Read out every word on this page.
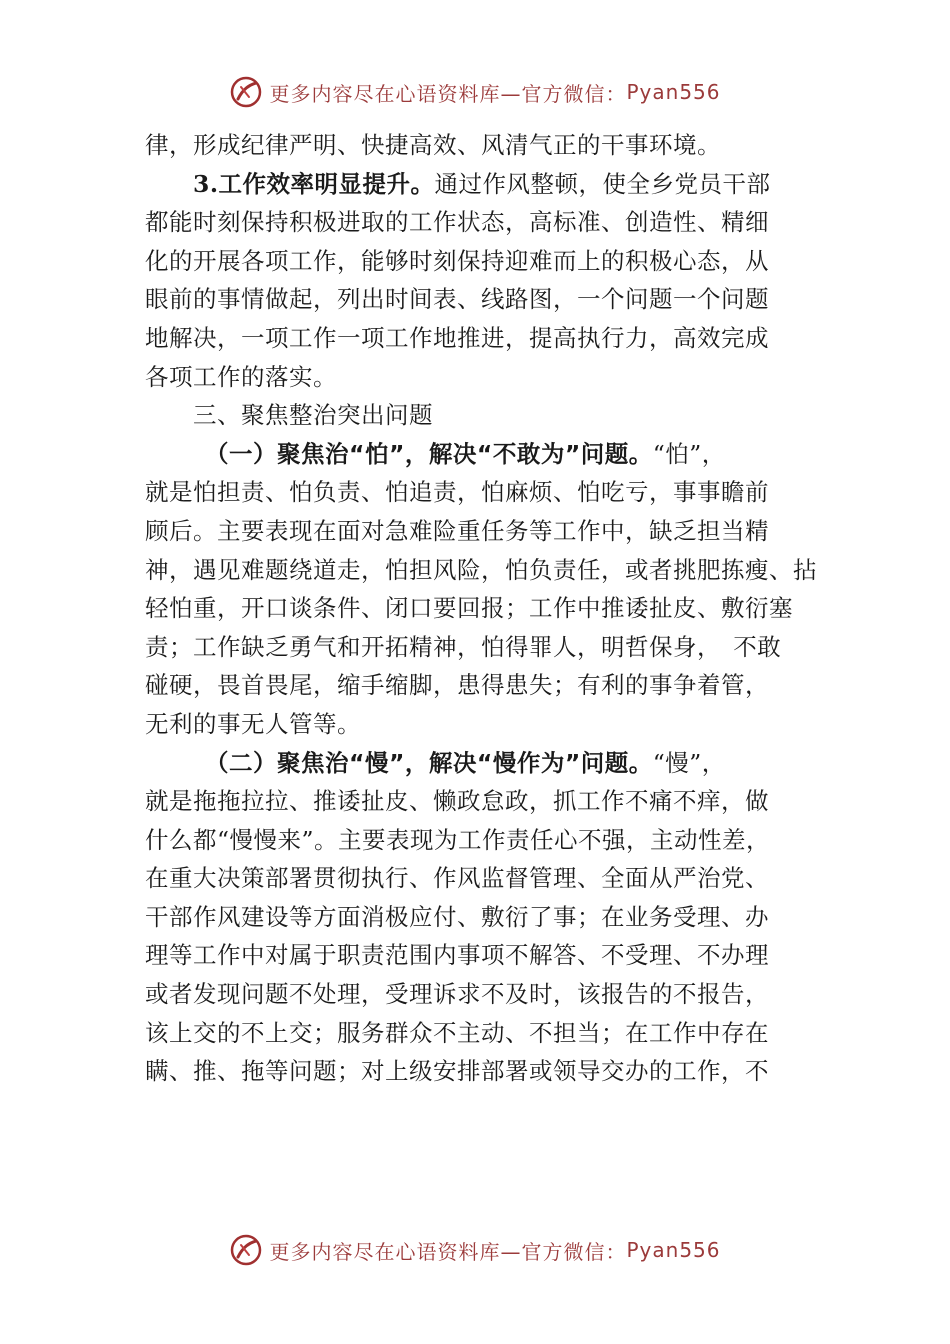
更多内容尽在心语资料库—官方微信： Pyan556

律，形成纪律严明、快捷高效、风清气正的干事环境。

3.工作效率明显提升。通过作风整顿，使全乡党员干部
都能时刻保持积极进取的工作状态，高标准、创造性、精细
化的开展各项工作，能够时刻保持迎难而上的积极心态，从
眼前的事情做起，列出时间表、线路图，一个问题一个问题
地解决，一项工作一项工作地推进，提高执行力，高效完成
各项工作的落实。

三、聚焦整治突出问题

（一）聚焦治“怕”，解决“不敢为”问题。“怕”，
就是怕担责、怕负责、怕追责，怕麻烦、怕吃亏，事事瞻前
顾后。主要表现在面对急难险重任务等工作中，缺乏担当精
神，遇见难题绕道走，怕担风险，怕负责任，或者挑肥拣瘦、拈
轻怕重，开口谈条件、闭口要回报；工作中推诿扯皮、敷衍塞
责；工作缺乏勇气和开拓精神，怕得罪人，明哲保身，　不敢
碰硬，畏首畏尾，缩手缩脚，患得患失；有利的事争着管，
无利的事无人管等。

（二）聚焦治“慢”，解决“慢作为”问题。“慢”，
就是拖拖拉拉、推诿扯皮、懒政怠政，抓工作不痛不痒，做
什么都“慢慢来”。主要表现为工作责任心不强，主动性差，
在重大决策部署贯彻执行、作风监督管理、全面从严治党、
干部作风建设等方面消极应付、敷衍了事；在业务受理、办
理等工作中对属于职责范围内事项不解答、不受理、不办理
或者发现问题不处理，受理诉求不及时，该报告的不报告，
该上交的不上交；服务群众不主动、不担当；在工作中存在
瞒、推、拖等问题；对上级安排部署或领导交办的工作，不

更多内容尽在心语资料库—官方微信： Pyan556
